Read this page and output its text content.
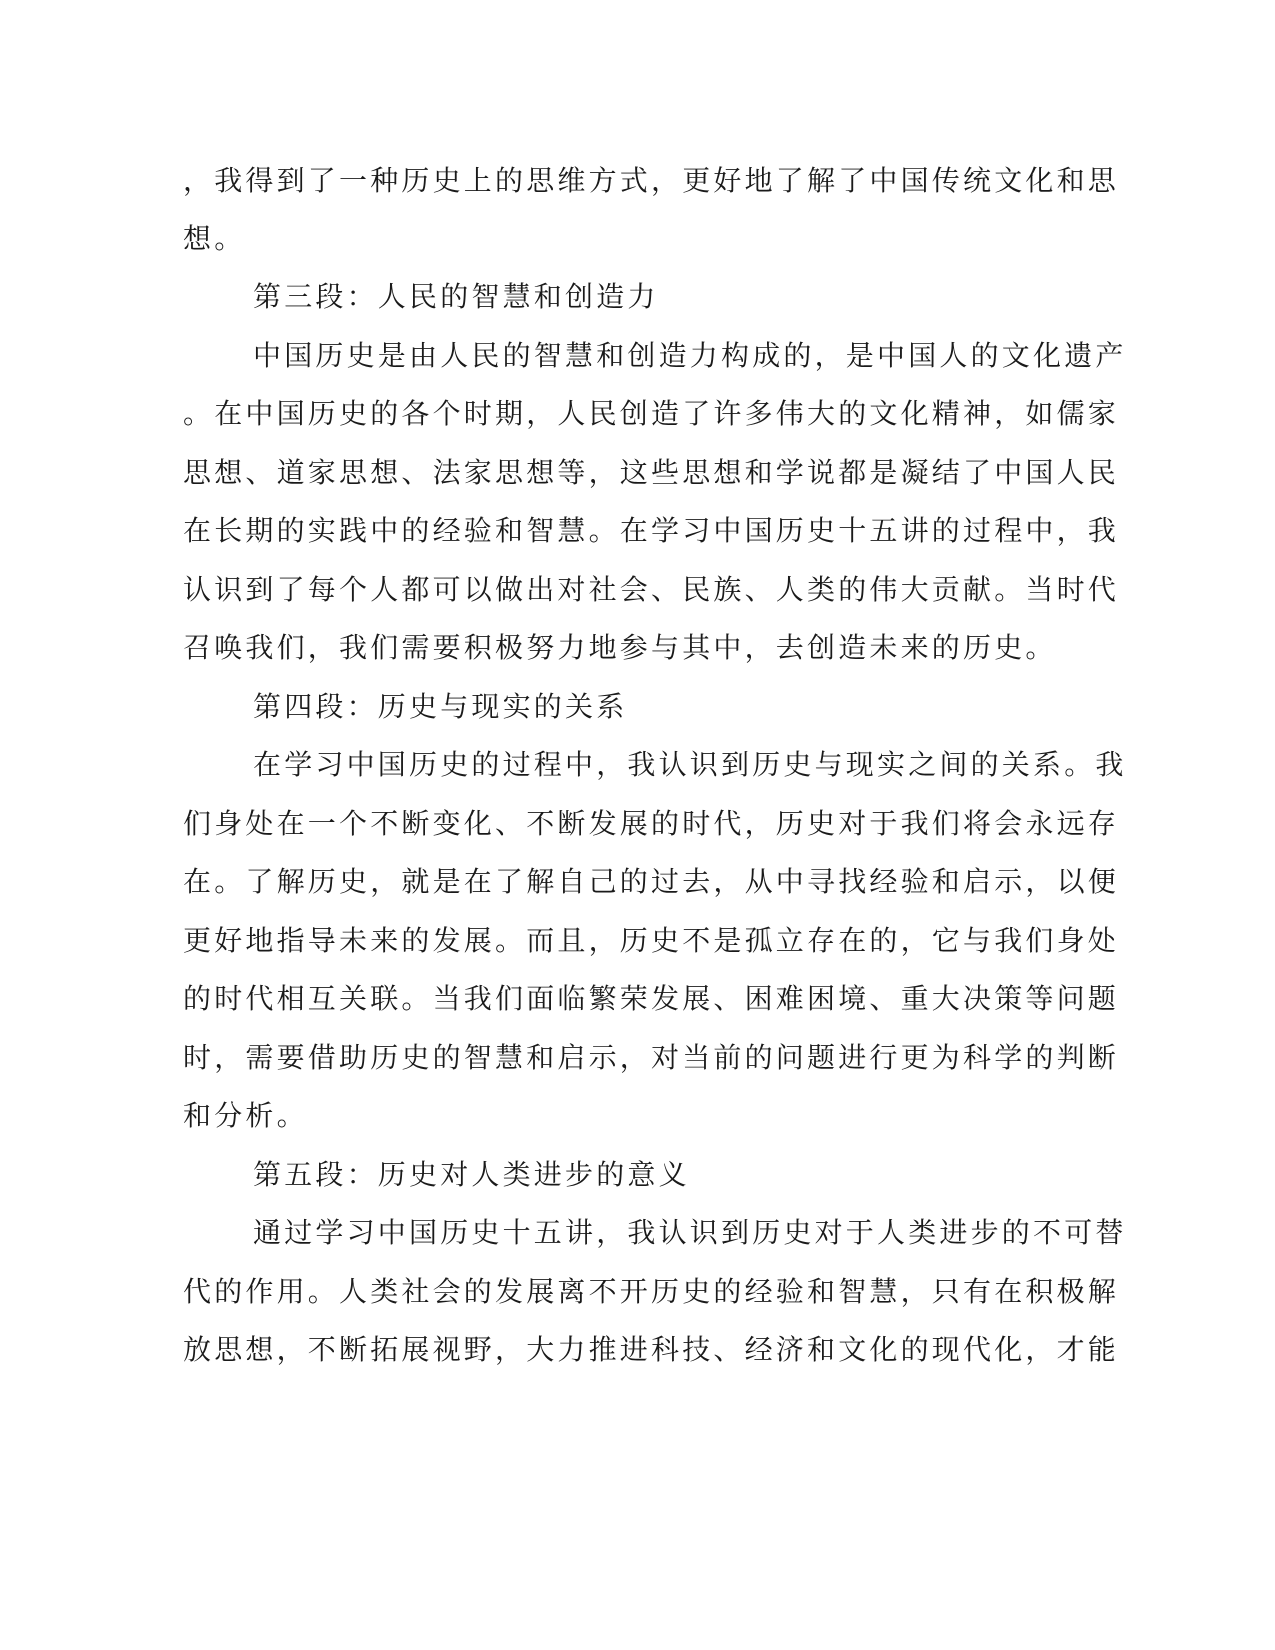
，我得到了一种历史上的思维方式，更好地了解了中国传统文化和思
想。
第三段：人民的智慧和创造力
中国历史是由人民的智慧和创造力构成的，是中国人的文化遗产
。在中国历史的各个时期，人民创造了许多伟大的文化精神，如儒家
思想、道家思想、法家思想等，这些思想和学说都是凝结了中国人民
在长期的实践中的经验和智慧。在学习中国历史十五讲的过程中，我
认识到了每个人都可以做出对社会、民族、人类的伟大贡献。当时代
召唤我们，我们需要积极努力地参与其中，去创造未来的历史。
第四段：历史与现实的关系
在学习中国历史的过程中，我认识到历史与现实之间的关系。我
们身处在一个不断变化、不断发展的时代，历史对于我们将会永远存
在。了解历史，就是在了解自己的过去，从中寻找经验和启示，以便
更好地指导未来的发展。而且，历史不是孤立存在的，它与我们身处
的时代相互关联。当我们面临繁荣发展、困难困境、重大决策等问题
时，需要借助历史的智慧和启示，对当前的问题进行更为科学的判断
和分析。
第五段：历史对人类进步的意义
通过学习中国历史十五讲，我认识到历史对于人类进步的不可替
代的作用。人类社会的发展离不开历史的经验和智慧，只有在积极解
放思想，不断拓展视野，大力推进科技、经济和文化的现代化，才能
